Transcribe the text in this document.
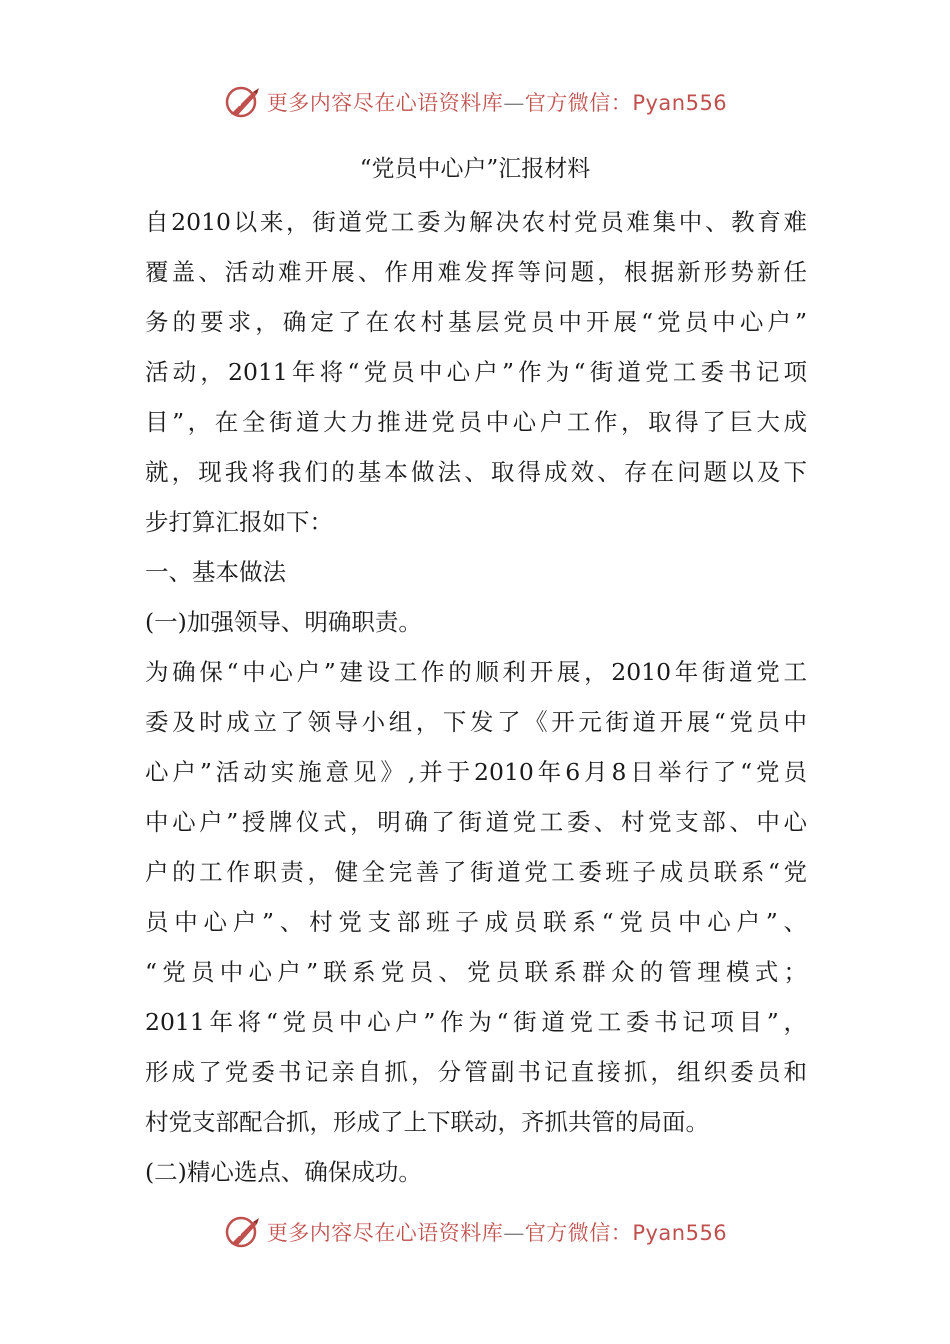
更多内容尽在心语资料库—官方微信：Pyan556
“党员中心户”汇报材料
自2010以来，街道党工委为解决农村党员难集中、教育难
覆盖、活动难开展、作用难发挥等问题，根据新形势新任
务的要求，确定了在农村基层党员中开展“党员中心户”
活动，2011年将“党员中心户”作为“街道党工委书记项
目”，在全街道大力推进党员中心户工作，取得了巨大成
就，现我将我们的基本做法、取得成效、存在问题以及下
步打算汇报如下：
一、基本做法
(一)加强领导、明确职责。
为确保“中心户”建设工作的顺利开展，2010年街道党工
委及时成立了领导小组，下发了《开元街道开展“党员中
心户”活动实施意见》,并于2010年6月8日举行了“党员
中心户”授牌仪式，明确了街道党工委、村党支部、中心
户的工作职责，健全完善了街道党工委班子成员联系“党
员中心户”、村党支部班子成员联系“党员中心户”、
“党员中心户”联系党员、党员联系群众的管理模式；
2011年将“党员中心户”作为“街道党工委书记项目”，
形成了党委书记亲自抓，分管副书记直接抓，组织委员和
村党支部配合抓，形成了上下联动，齐抓共管的局面。
(二)精心选点、确保成功。
更多内容尽在心语资料库—官方微信：Pyan556
